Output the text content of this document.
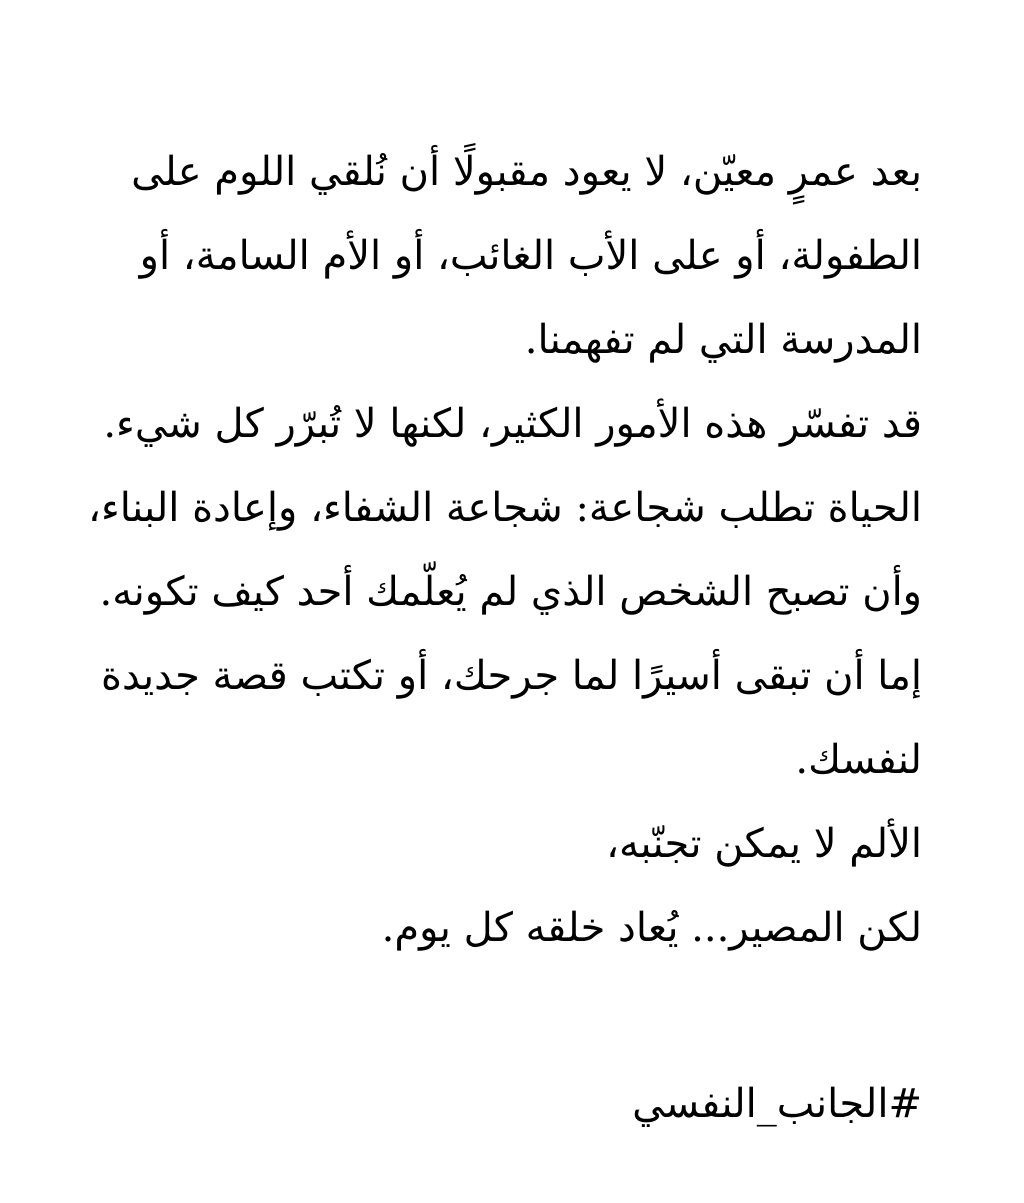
بعد عمرٍ معيّن، لا يعود مقبولًا أن نُلقي اللوم على
الطفولة، أو على الأب الغائب، أو الأم السامة، أو
المدرسة التي لم تفهمنا.
قد تفسّر هذه الأمور الكثير، لكنها لا تُبرّر كل شيء.
الحياة تطلب شجاعة: شجاعة الشفاء، وإعادة البناء،
وأن تصبح الشخص الذي لم يُعلّمك أحد كيف تكونه.
إما أن تبقى أسيرًا لما جرحك، أو تكتب قصة جديدة
لنفسك.
الألم لا يمكن تجنّبه،
لكن المصير... يُعاد خلقه كل يوم.
#الجانب_النفسي
